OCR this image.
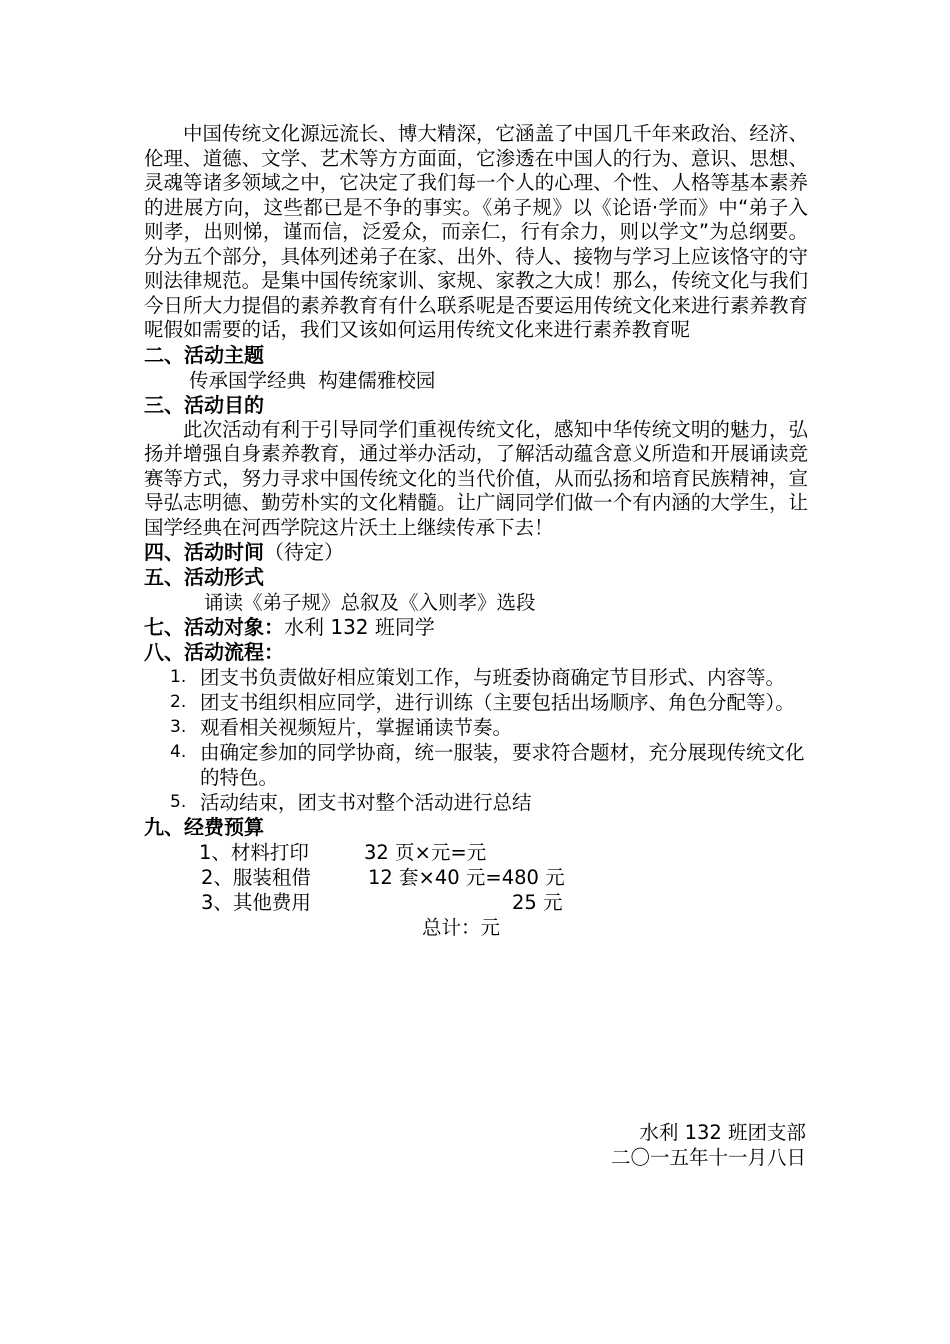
中国传统文化源远流长、博大精深，它涵盖了中国几千年来政治、经济、伦理、道德、文学、艺术等方方面面，它渗透在中国人的行为、意识、思想、灵魂等诸多领域之中，它决定了我们每一个人的心理、个性、人格等基本素养的进展方向，这些都已是不争的事实。《弟子规》以《论语·学而》中“弟子入则孝，出则悌，谨而信，泛爱众，而亲仁，行有余力，则以学文”为总纲要。分为五个部分，具体列述弟子在家、出外、待人、接物与学习上应该恪守的守则法律规范。是集中国传统家训、家规、家教之大成！那么，传统文化与我们今日所大力提倡的素养教育有什么联系呢是否要运用传统文化来进行素养教育呢假如需要的话，我们又该如何运用传统文化来进行素养教育呢

二、活动主题

传承国学经典  构建儒雅校园

三、活动目的

此次活动有利于引导同学们重视传统文化，感知中华传统文明的魅力，弘扬并增强自身素养教育，通过举办活动，了解活动蕴含意义所造和开展诵读竞赛等方式，努力寻求中国传统文化的当代价值，从而弘扬和培育民族精神，宣导弘志明德、勤劳朴实的文化精髓。让广阔同学们做一个有内涵的大学生，让国学经典在河西学院这片沃土上继续传承下去！

四、活动时间（待定）

五、活动形式

诵读《弟子规》总叙及《入则孝》选段

七、活动对象：水利 132 班同学

八、活动流程：

1. 团支书负责做好相应策划工作，与班委协商确定节目形式、内容等。
2. 团支书组织相应同学，进行训练（主要包括出场顺序、角色分配等）。
3. 观看相关视频短片，掌握诵读节奏。
4. 由确定参加的同学协商，统一服装，要求符合题材，充分展现传统文化的特色。
5. 活动结束，团支书对整个活动进行总结

九、经费预算

1、材料打印	32 页×元=元
2、服装租借	12 套×40 元=480 元
3、其他费用	25 元
总计：元
水利 132 班团支部
二〇一五年十一月八日
